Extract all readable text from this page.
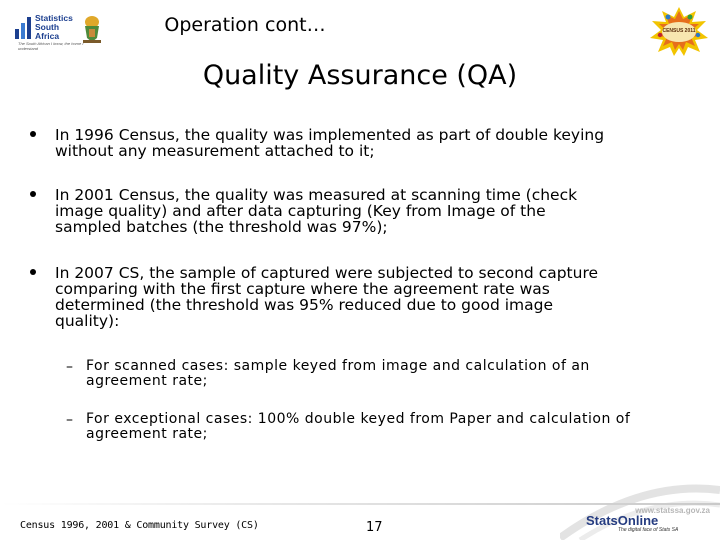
Statistics South Africa
The South African I know, the home I understand
Operation cont…
Quality Assurance (QA)
CENSUS 2011
In 1996 Census, the quality was implemented as part of double keying
without any measurement attached to it;
In 2001 Census, the quality was measured at scanning time (check
image quality) and after data capturing (Key from Image of the
sampled batches (the threshold was 97%);
In 2007 CS, the sample of captured were subjected to second capture
comparing with the first capture where the agreement rate was
determined (the threshold was 95% reduced due to good image
quality):
– For scanned cases: sample keyed from image and calculation of an
agreement rate;
– For exceptional cases: 100% double keyed from Paper and calculation of
agreement rate;
Census 1996, 2001 & Community Survey (CS)	17
www.statssa.gov.za
StatsOnline
The digital face of Stats SA
